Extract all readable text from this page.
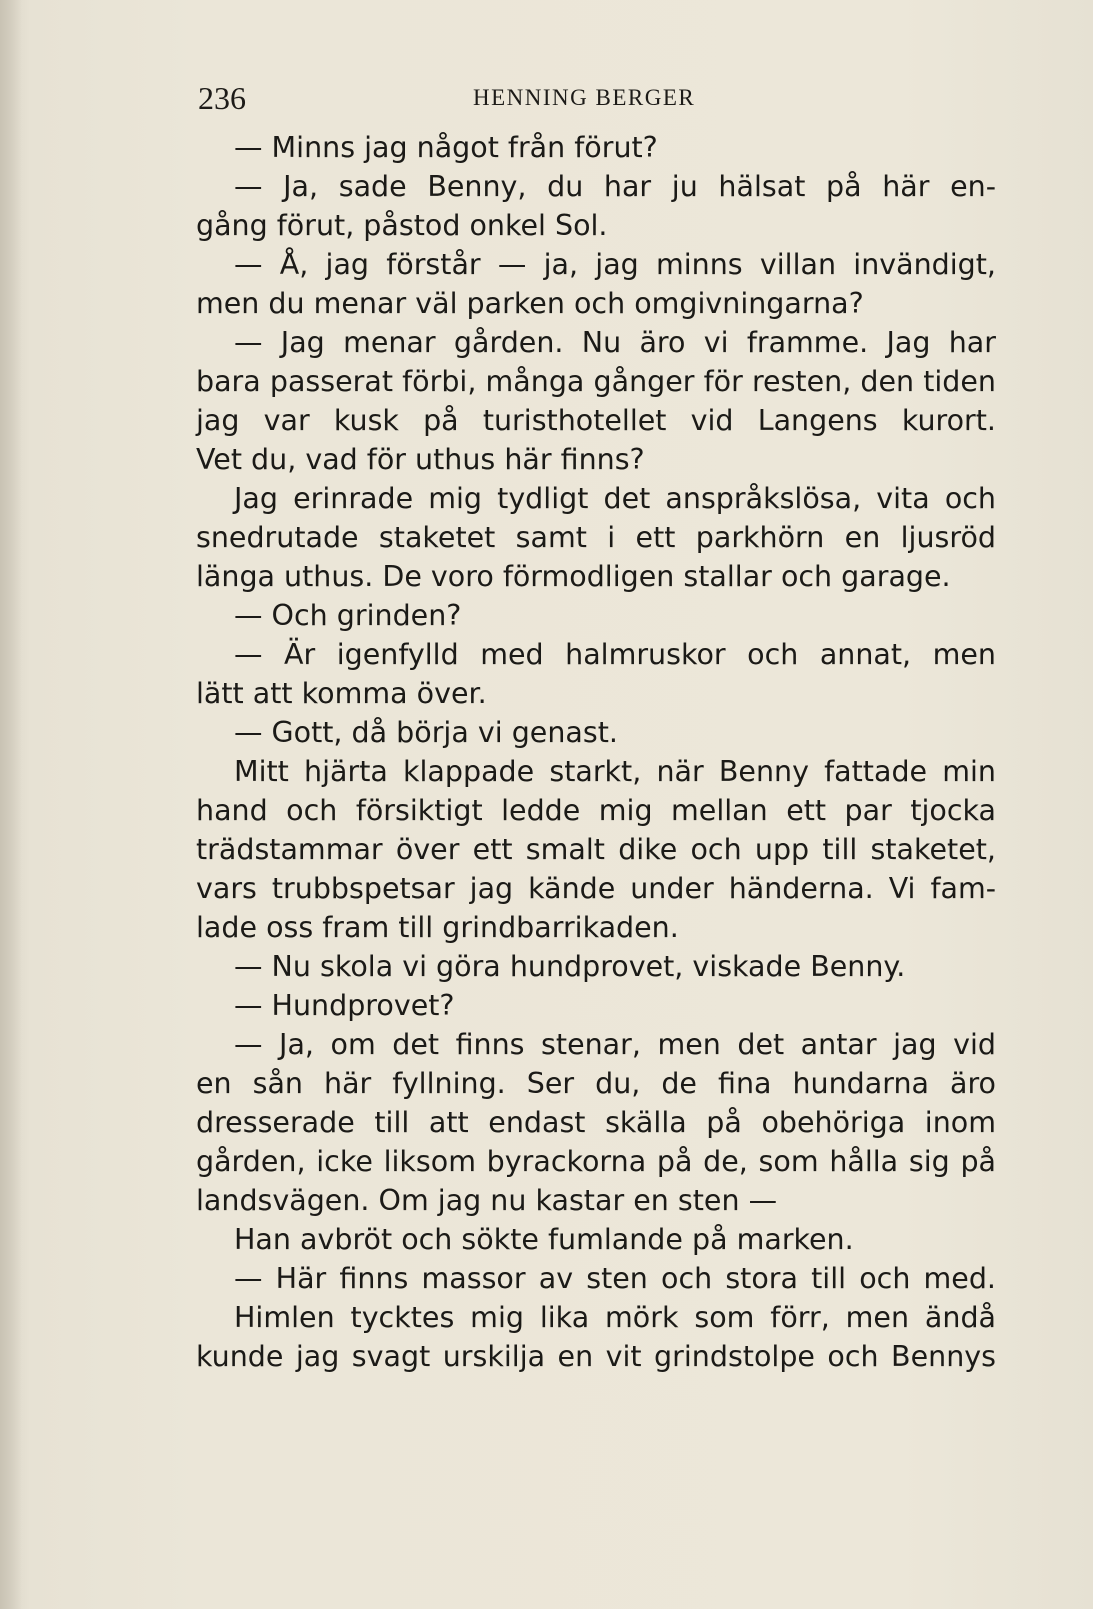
236	HENNING BERGER
— Minns jag något från förut?
— Ja, sade Benny, du har ju hälsat på här en-
gång förut, påstod onkel Sol.
— Å, jag förstår — ja, jag minns villan invändigt,
men du menar väl parken och omgivningarna?
— Jag menar gården. Nu äro vi framme. Jag har
bara passerat förbi, många gånger för resten, den tiden
jag var kusk på turisthotellet vid Langens kurort.
Vet du, vad för uthus här finns?
Jag erinrade mig tydligt det anspråkslösa, vita och
snedrutade staketet samt i ett parkhörn en ljusröd
länga uthus. De voro förmodligen stallar och garage.
— Och grinden?
— Är igenfylld med halmruskor och annat, men
lätt att komma över.
— Gott, då börja vi genast.
Mitt hjärta klappade starkt, när Benny fattade min
hand och försiktigt ledde mig mellan ett par tjocka
trädstammar över ett smalt dike och upp till staketet,
vars trubbspetsar jag kände under händerna. Vi fam-
lade oss fram till grindbarrikaden.
— Nu skola vi göra hundprovet, viskade Benny.
— Hundprovet?
— Ja, om det finns stenar, men det antar jag vid
en sån här fyllning. Ser du, de fina hundarna äro
dresserade till att endast skälla på obehöriga inom
gården, icke liksom byrackorna på de, som hålla sig på
landsvägen. Om jag nu kastar en sten —
Han avbröt och sökte fumlande på marken.
— Här finns massor av sten och stora till och med.
Himlen tycktes mig lika mörk som förr, men ändå
kunde jag svagt urskilja en vit grindstolpe och Bennys
